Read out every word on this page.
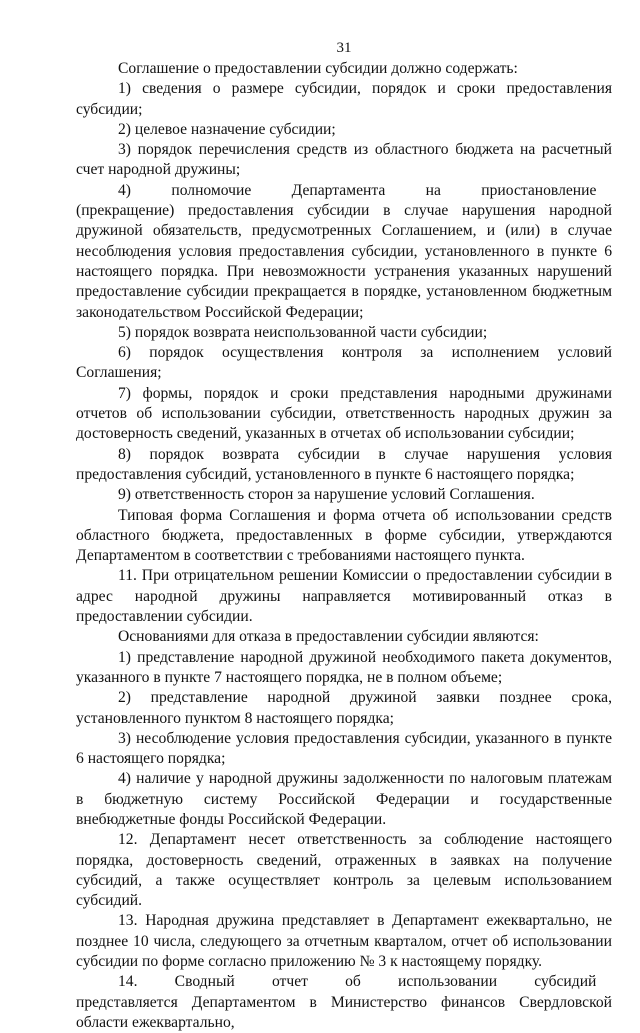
31

Соглашение о предоставлении субсидии должно содержать:

1) сведения о размере субсидии, порядок и сроки предоставления субсидии;

2) целевое назначение субсидии;

3) порядок перечисления средств из областного бюджета на расчетный счет народной дружины;

4)  полномочие  Департамента  на  приостановление  (прекращение) предоставления субсидии в случае нарушения народной дружиной обязательств, предусмотренных Соглашением, и (или) в случае несоблюдения условия предоставления субсидии, установленного в пункте 6 настоящего порядка. При невозможности устранения указанных нарушений предоставление субсидии прекращается в порядке, установленном бюджетным законодательством Российской Федерации;

5) порядок возврата неиспользованной части субсидии;

6) порядок осуществления контроля за исполнением условий Соглашения;

7) формы, порядок и сроки представления народными дружинами отчетов об использовании субсидии, ответственность народных дружин за достоверность сведений, указанных в отчетах об использовании субсидии;

8) порядок возврата субсидии в случае нарушения условия предоставления субсидий, установленного в пункте 6 настоящего порядка;

9) ответственность сторон за нарушение условий Соглашения.

Типовая форма Соглашения и форма отчета об использовании средств областного бюджета, предоставленных в форме субсидии, утверждаются Департаментом в соответствии с требованиями настоящего пункта.

11. При отрицательном решении Комиссии о предоставлении субсидии в адрес народной дружины направляется мотивированный отказ в предоставлении субсидии.

Основаниями для отказа в предоставлении субсидии являются:

1) представление народной дружиной необходимого пакета документов, указанного в пункте 7 настоящего порядка, не в полном объеме;

2) представление народной дружиной заявки позднее срока, установленного пунктом 8 настоящего порядка;

3) несоблюдение условия предоставления субсидии, указанного в пункте 6 настоящего порядка;

4) наличие у народной дружины задолженности по налоговым платежам в бюджетную систему Российской Федерации и государственные внебюджетные фонды Российской Федерации.

12. Департамент несет ответственность за соблюдение настоящего порядка, достоверность сведений, отраженных в заявках на получение субсидий, а также осуществляет контроль за целевым использованием субсидий.

13. Народная дружина представляет в Департамент ежеквартально, не позднее 10 числа, следующего за отчетным кварталом, отчет об использовании субсидии по форме согласно приложению № 3 к настоящему порядку.

14.  Сводный  отчет  об  использовании  субсидий  представляется Департаментом в Министерство финансов Свердловской области ежеквартально,
